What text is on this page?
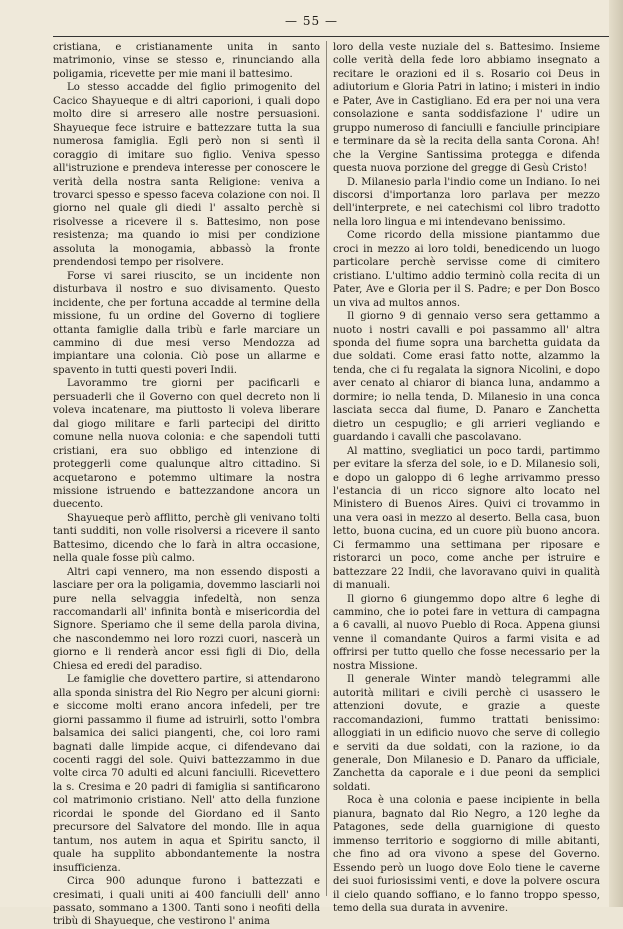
— 55 —

cristiana, e cristianamente unita in santo matrimonio, vinse se stesso e, rinunciando alla poligamia, ricevette per mie mani il battesimo.

Lo stesso accadde del figlio primogenito del Cacico Shayueque e di altri caporioni, i quali dopo molto dire si arresero alle nostre persuasioni. Shayueque fece istruire e battezzare tutta la sua numerosa famiglia. Egli però non si sentì il coraggio di imitare suo figlio. Veniva spesso all'istruzione e prendeva interesse per conoscere le verità della nostra santa Religione: veniva a trovarci spesso e spesso faceva colazione con noi. Il giorno nel quale gli diedi l' assalto perchè si risolvesse a ricevere il s. Battesimo, non pose resistenza; ma quando io misi per condizione assoluta la monogamia, abbassò la fronte prendendosi tempo per risolvere.

Forse vi sarei riuscito, se un incidente non disturbava il nostro e suo divisamento. Questo incidente, che per fortuna accadde al termine della missione, fu un ordine del Governo di togliere ottanta famiglie dalla tribù e farle marciare un cammino di due mesi verso Mendozza ad impiantare una colonia. Ciò pose un allarme e spavento in tutti questi poveri Indii.

Lavorammo tre giorni per pacificarli e persuaderli che il Governo con quel decreto non li voleva incatenare, ma piuttosto li voleva liberare dal giogo militare e farli partecipi del diritto comune nella nuova colonia: e che sapendoli tutti cristiani, era suo obbligo ed intenzione di proteggerli come qualunque altro cittadino. Si acquetarono e potemmo ultimare la nostra missione istruendo e battezzandone ancora un duecento.

Shayueque però afflitto, perchè gli venivano tolti tanti sudditi, non volle risolversi a ricevere il santo Battesimo, dicendo che lo farà in altra occasione, nella quale fosse più calmo.

Altri capi vennero, ma non essendo disposti a lasciare per ora la poligamia, dovemmo lasciarli noi pure nella selvaggia infedeltà, non senza raccomandarli all' infinita bontà e misericordia del Signore. Speriamo che il seme della parola divina, che nascondemmo nei loro rozzi cuori, nascerà un giorno e li renderà ancor essi figli di Dio, della Chiesa ed eredi del paradiso.

Le famiglie che dovettero partire, si attendarono alla sponda sinistra del Rio Negro per alcuni giorni: e siccome molti erano ancora infedeli, per tre giorni passammo il fiume ad istruirli, sotto l'ombra balsamica dei salici piangenti, che, coi loro rami bagnati dalle limpide acque, ci difendevano dai cocenti raggi del sole. Quivi battezzammo in due volte circa 70 adulti ed alcuni fanciulli. Ricevettero la s. Cresima e 20 padri di famiglia si santificarono col matrimonio cristiano. Nell' atto della funzione ricordai le sponde del Giordano ed il Santo precursore del Salvatore del mondo. Ille in aqua tantum, nos autem in aqua et Spiritu sancto, il quale ha supplito abbondantemente la nostra insufficienza.

Circa 900 adunque furono i battezzati e cresimati, i quali uniti ai 400 fanciulli dell' anno passato, sommano a 1300. Tanti sono i neofiti della tribù di Shayueque, che vestirono l' anima

loro della veste nuziale del s. Battesimo. Insieme colle verità della fede loro abbiamo insegnato a recitare le orazioni ed il s. Rosario coi Deus in adiutorium e Gloria Patri in latino; i misteri in indio e Pater, Ave in Castigliano. Ed era per noi una vera consolazione e santa soddisfazione l' udire un gruppo numeroso di fanciulli e fanciulle principiare e terminare da sè la recita della santa Corona. Ah! che la Vergine Santissima protegga e difenda questa nuova porzione del gregge di Gesù Cristo!

D. Milanesio parla l'indio come un Indiano. Io nei discorsi d'importanza loro parlava per mezzo dell'interprete, e nei catechismi col libro tradotto nella loro lingua e mi intendevano benissimo.

Come ricordo della missione piantammo due croci in mezzo ai loro toldi, benedicendo un luogo particolare perchè servisse come di cimitero cristiano. L'ultimo addio terminò colla recita di un Pater, Ave e Gloria per il S. Padre; e per Don Bosco un viva ad multos annos.

Il giorno 9 di gennaio verso sera gettammo a nuoto i nostri cavalli e poi passammo all' altra sponda del fiume sopra una barchetta guidata da due soldati. Come erasi fatto notte, alzammo la tenda, che ci fu regalata la signora Nicolini, e dopo aver cenato al chiaror di bianca luna, andammo a dormire; io nella tenda, D. Milanesio in una conca lasciata secca dal fiume, D. Panaro e Zanchetta dietro un cespuglio; e gli arrieri vegliando e guardando i cavalli che pascolavano.

Al mattino, svegliatici un poco tardi, partimmo per evitare la sferza del sole, io e D. Milanesio soli, e dopo un galoppo di 6 leghe arrivammo presso l'estancia di un ricco signore alto locato nel Ministero di Buenos Aires. Quivi ci trovammo in una vera oasi in mezzo al deserto. Bella casa, buon letto, buona cucina, ed un cuore più buono ancora. Ci fermammo una settimana per riposare e ristorarci un poco, come anche per istruire e battezzare 22 Indii, che lavoravano quivi in qualità di manuali.

Il giorno 6 giungemmo dopo altre 6 leghe di cammino, che io potei fare in vettura di campagna a 6 cavalli, al nuovo Pueblo di Roca. Appena giunsi venne il comandante Quiros a farmi visita e ad offrirsi per tutto quello che fosse necessario per la nostra Missione.

Il generale Winter mandò telegrammi alle autorità militari e civili perchè ci usassero le attenzioni dovute, e grazie a queste raccomandazioni, fummo trattati benissimo: alloggiati in un edificio nuovo che serve di collegio e serviti da due soldati, con la razione, io da generale, Don Milanesio e D. Panaro da ufficiale, Zanchetta da caporale e i due peoni da semplici soldati.

Roca è una colonia e paese incipiente in bella pianura, bagnato dal Rio Negro, a 120 leghe da Patagones, sede della guarnigione di questo immenso territorio e soggiorno di mille abitanti, che fino ad ora vivono a spese del Governo. Essendo però un luogo dove Eolo tiene le caverne dei suoi furiosissimi venti, e dove la polvere oscura il cielo quando soffiano, e lo fanno troppo spesso, temo della sua durata in avvenire.
